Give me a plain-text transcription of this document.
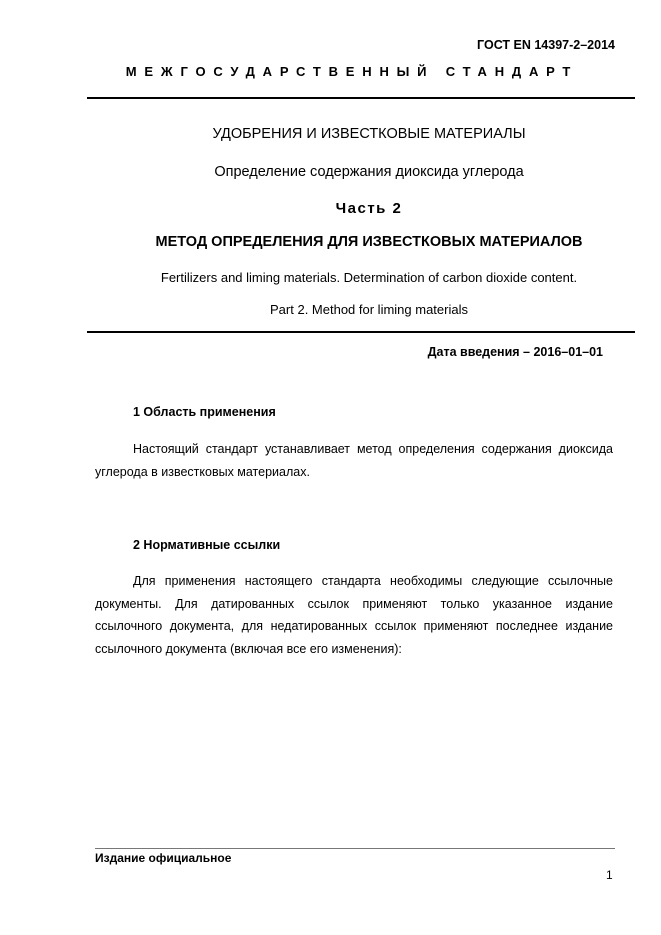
ГОСТ EN 14397-2–2014
МЕЖГОСУДАРСТВЕННЫЙ СТАНДАРТ
УДОБРЕНИЯ И ИЗВЕСТКОВЫЕ МАТЕРИАЛЫ
Определение содержания диоксида углерода
Часть 2
МЕТОД ОПРЕДЕЛЕНИЯ ДЛЯ ИЗВЕСТКОВЫХ МАТЕРИАЛОВ
Fertilizers and liming materials. Determination of carbon dioxide content.
Part 2. Method for liming materials
Дата введения – 2016–01–01
1 Область применения

Настоящий стандарт устанавливает метод определения содержания диоксида углерода в известковых материалах.

2 Нормативные ссылки

Для применения настоящего стандарта необходимы следующие ссылочные документы. Для датированных ссылок применяют только указанное издание ссылочного документа, для недатированных ссылок применяют последнее издание ссылочного документа (включая все его изменения):

Издание официальное
1
